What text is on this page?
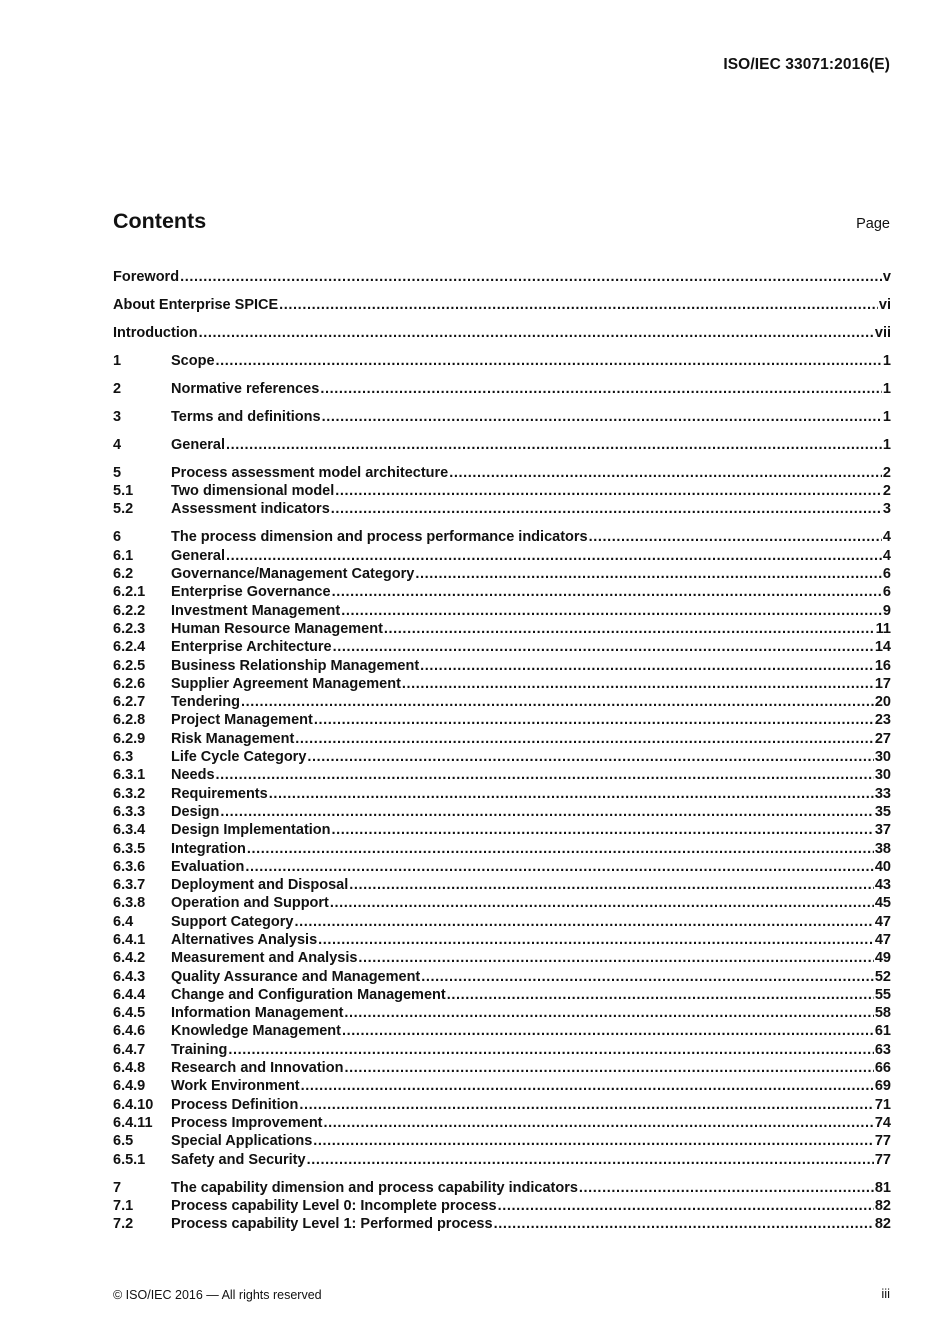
ISO/IEC 33071:2016(E)
Contents	Page
Foreword .....	v
About Enterprise SPICE .....	vi
Introduction .....	vii
1	Scope .....	1
2	Normative references .....	1
3	Terms and definitions .....	1
4	General .....	1
5	Process assessment model architecture .....	2
5.1	Two dimensional model .....	2
5.2	Assessment indicators .....	3
6	The process dimension and process performance indicators .....	4
6.1	General .....	4
6.2	Governance/Management Category .....	6
6.2.1	Enterprise Governance .....	6
6.2.2	Investment Management .....	9
6.2.3	Human Resource Management .....	11
6.2.4	Enterprise Architecture .....	14
6.2.5	Business Relationship Management .....	16
6.2.6	Supplier Agreement Management .....	17
6.2.7	Tendering .....	20
6.2.8	Project Management .....	23
6.2.9	Risk Management .....	27
6.3	Life Cycle Category .....	30
6.3.1	Needs .....	30
6.3.2	Requirements .....	33
6.3.3	Design .....	35
6.3.4	Design Implementation .....	37
6.3.5	Integration .....	38
6.3.6	Evaluation .....	40
6.3.7	Deployment and Disposal .....	43
6.3.8	Operation and Support .....	45
6.4	Support Category .....	47
6.4.1	Alternatives Analysis .....	47
6.4.2	Measurement and Analysis .....	49
6.4.3	Quality Assurance and Management .....	52
6.4.4	Change and Configuration Management .....	55
6.4.5	Information Management .....	58
6.4.6	Knowledge Management .....	61
6.4.7	Training .....	63
6.4.8	Research and Innovation .....	66
6.4.9	Work Environment .....	69
6.4.10	Process Definition .....	71
6.4.11	Process Improvement .....	74
6.5	Special Applications .....	77
6.5.1	Safety and Security .....	77
7	The capability dimension and process capability indicators .....	81
7.1	Process capability Level 0: Incomplete process .....	82
7.2	Process capability Level 1: Performed process .....	82
© ISO/IEC 2016 — All rights reserved	iii
